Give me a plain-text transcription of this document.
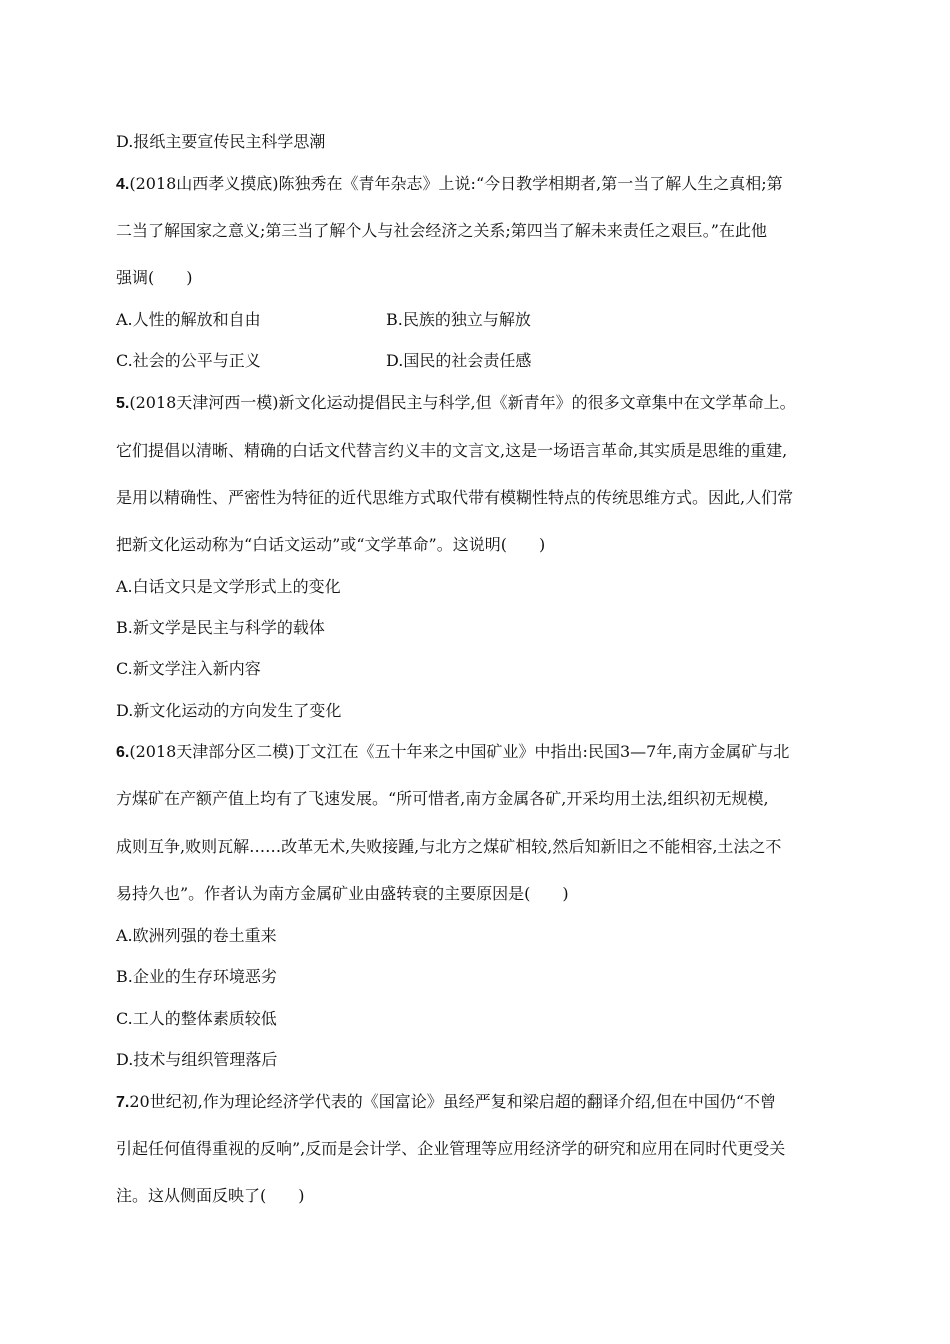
D.报纸主要宣传民主科学思潮
4.(2018山西孝义摸底)陈独秀在《青年杂志》上说:“今日教学相期者,第一当了解人生之真相;第
二当了解国家之意义;第三当了解个人与社会经济之关系;第四当了解未来责任之艰巨。”在此他
强调(　　)
A.人性的解放和自由	B.民族的独立与解放
C.社会的公平与正义	D.国民的社会责任感
5.(2018天津河西一模)新文化运动提倡民主与科学,但《新青年》的很多文章集中在文学革命上。
它们提倡以清晰、精确的白话文代替言约义丰的文言文,这是一场语言革命,其实质是思维的重建,
是用以精确性、严密性为特征的近代思维方式取代带有模糊性特点的传统思维方式。因此,人们常
把新文化运动称为“白话文运动”或“文学革命”。这说明(　　)
A.白话文只是文学形式上的变化
B.新文学是民主与科学的载体
C.新文学注入新内容
D.新文化运动的方向发生了变化
6.(2018天津部分区二模)丁文江在《五十年来之中国矿业》中指出:民国3—7年,南方金属矿与北
方煤矿在产额产值上均有了飞速发展。“所可惜者,南方金属各矿,开采均用土法,组织初无规模,
成则互争,败则瓦解……改革无术,失败接踵,与北方之煤矿相较,然后知新旧之不能相容,土法之不
易持久也”。作者认为南方金属矿业由盛转衰的主要原因是(　　)
A.欧洲列强的卷土重来
B.企业的生存环境恶劣
C.工人的整体素质较低
D.技术与组织管理落后
7.20世纪初,作为理论经济学代表的《国富论》虽经严复和梁启超的翻译介绍,但在中国仍“不曾
引起任何值得重视的反响”,反而是会计学、企业管理等应用经济学的研究和应用在同时代更受关
注。这从侧面反映了(　　)
